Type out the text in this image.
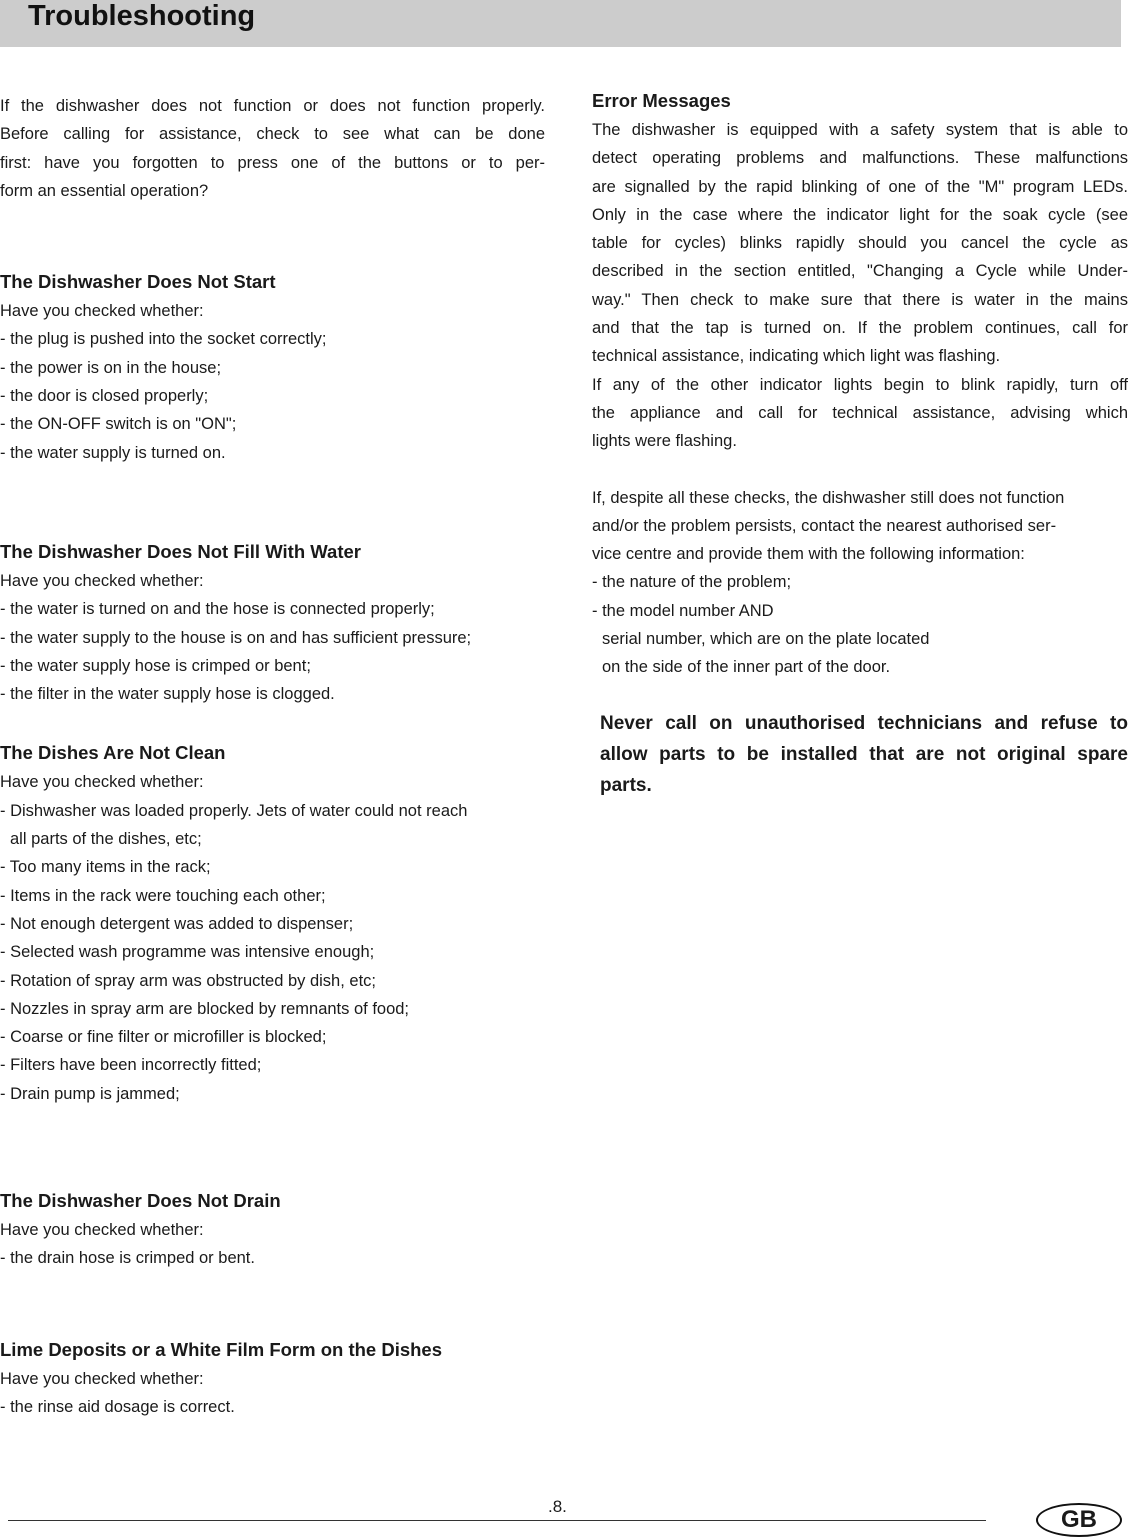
Troubleshooting
If the dishwasher does not function or does not function properly.
Before calling for assistance, check to see what can be done
first: have you forgotten to press one of the buttons or to per-
form an essential operation?
The Dishwasher Does Not Start
Have you checked whether:
- the plug is pushed into the socket correctly;
- the power is on in the house;
- the door is closed properly;
- the ON-OFF switch is on "ON";
- the water supply is turned on.
The Dishwasher Does Not Fill With Water
Have you checked whether:
- the water is turned on and the hose is connected properly;
- the water supply to the house is on and has sufficient pressure;
- the water supply hose is crimped or bent;
- the filter in the water supply hose is clogged.
The Dishes Are Not Clean
Have you checked whether:
- Dishwasher was loaded properly. Jets of water could not reach
all parts of the dishes, etc;
- Too many items in the rack;
- Items in the rack were touching each other;
- Not enough detergent was added to dispenser;
- Selected wash programme was intensive enough;
- Rotation of spray arm was obstructed by dish, etc;
- Nozzles in spray arm are blocked by remnants of food;
- Coarse or fine filter or microfiller is blocked;
- Filters have been incorrectly fitted;
- Drain pump is jammed;
The Dishwasher Does Not Drain
Have you checked whether:
- the drain hose is crimped or bent.
Lime Deposits or a White Film Form on the Dishes
Have you checked whether:
- the rinse aid dosage is correct.
Error Messages
The dishwasher is equipped with a safety system that is able to
detect operating problems and malfunctions. These malfunctions
are signalled by the rapid blinking of one of the "M" program LEDs.
Only in the case where the indicator light for the soak cycle (see
table for cycles) blinks rapidly should you cancel the cycle as
described in the section entitled, "Changing a Cycle while Under-
way." Then check to make sure that there is water in the mains
and that the tap is turned on. If the problem continues, call for
technical assistance, indicating which light was flashing.
If any of the other indicator lights begin to blink rapidly, turn off
the appliance and call for technical assistance, advising which
lights were flashing.
If, despite all these checks, the dishwasher still does not function
and/or the problem persists, contact the nearest authorised ser-
vice centre and provide them with the following information:
- the nature of the problem;
- the model number AND
serial number, which are on the plate located
on the side of the inner part of the door.
Never call on unauthorised technicians and refuse to
allow parts to be installed that are not original spare
parts.
.8.	GB
